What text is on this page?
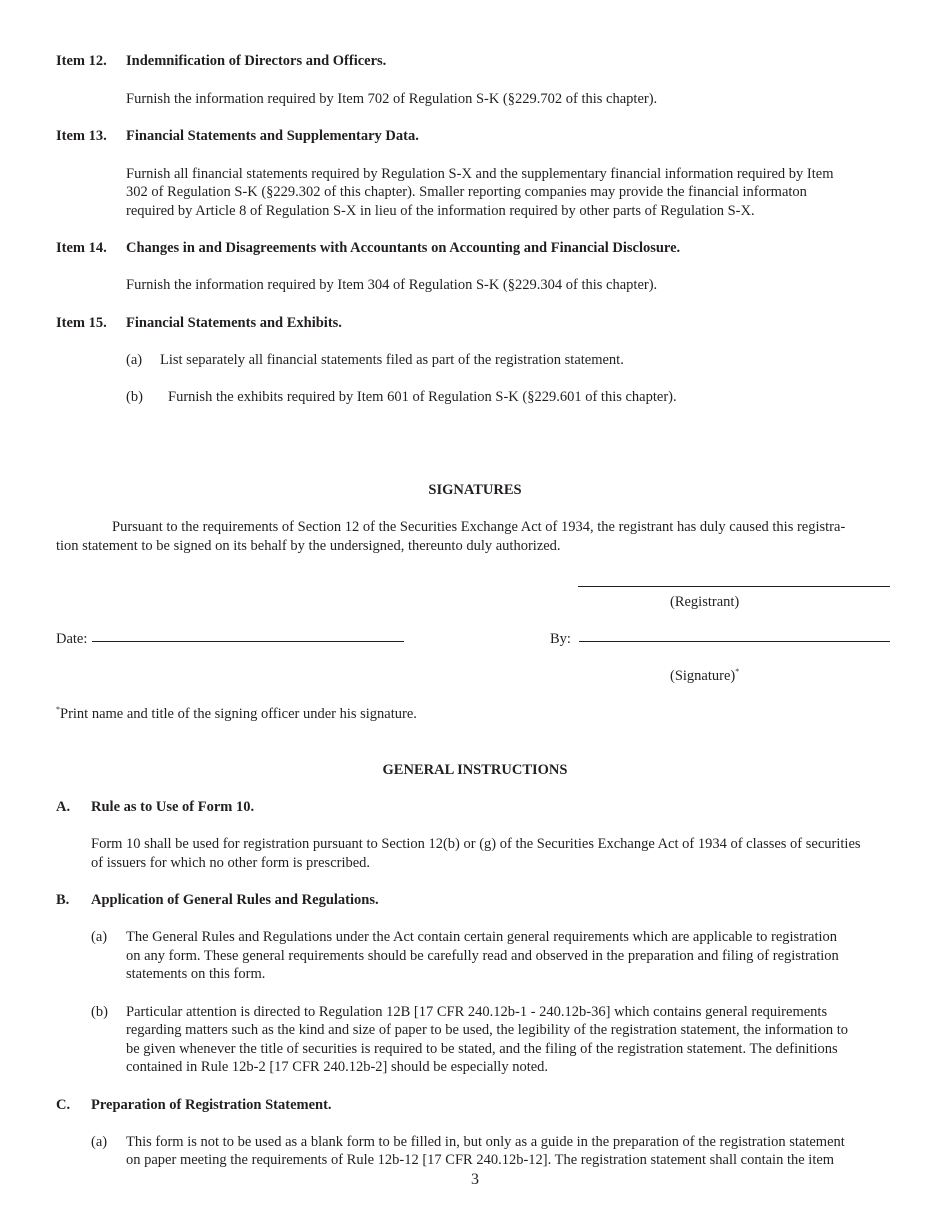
Item 12. Indemnification of Directors and Officers.
Furnish the information required by Item 702 of Regulation S-K (§229.702 of this chapter).
Item 13. Financial Statements and Supplementary Data.
Furnish all financial statements required by Regulation S-X and the supplementary financial information required by Item
302 of Regulation S-K (§229.302 of this chapter). Smaller reporting companies may provide the financial informaton
required by Article 8 of Regulation S-X in lieu of the information required by other parts of Regulation S-X.
Item 14. Changes in and Disagreements with Accountants on Accounting and Financial Disclosure.
Furnish the information required by Item 304 of Regulation S-K (§229.304 of this chapter).
Item 15. Financial Statements and Exhibits.
(a) List separately all financial statements filed as part of the registration statement.
(b) Furnish the exhibits required by Item 601 of Regulation S-K (§229.601 of this chapter).
SIGNATURES
Pursuant to the requirements of Section 12 of the Securities Exchange Act of 1934, the registrant has duly caused this registra-
tion statement to be signed on its behalf by the undersigned, thereunto duly authorized.
(Registrant)
Date:	By:
(Signature)*
*Print name and title of the signing officer under his signature.
GENERAL INSTRUCTIONS
A. Rule as to Use of Form 10.
Form 10 shall be used for registration pursuant to Section 12(b) or (g) of the Securities Exchange Act of 1934 of classes of securities
of issuers for which no other form is prescribed.
B. Application of General Rules and Regulations.
(a) The General Rules and Regulations under the Act contain certain general requirements which are applicable to registration
on any form. These general requirements should be carefully read and observed in the preparation and filing of registration
statements on this form.
(b) Particular attention is directed to Regulation 12B [17 CFR 240.12b-1 - 240.12b-36] which contains general requirements
regarding matters such as the kind and size of paper to be used, the legibility of the registration statement, the information to
be given whenever the title of securities is required to be stated, and the filing of the registration statement. The definitions
contained in Rule 12b-2 [17 CFR 240.12b-2] should be especially noted.
C. Preparation of Registration Statement.
(a) This form is not to be used as a blank form to be filled in, but only as a guide in the preparation of the registration statement
on paper meeting the requirements of Rule 12b-12 [17 CFR 240.12b-12]. The registration statement shall contain the item
3
